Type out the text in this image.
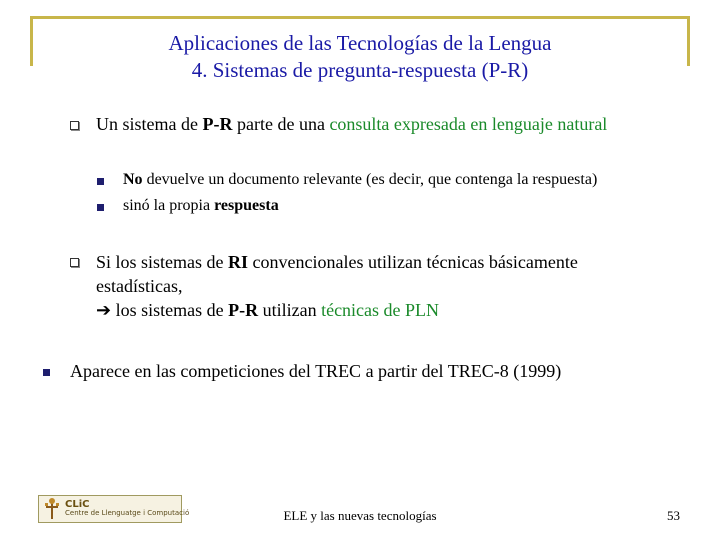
Aplicaciones de las Tecnologías de la Lengua
4. Sistemas de pregunta-respuesta (P-R)
Un sistema de P-R parte de una consulta expresada en lenguaje natural
No devuelve un documento relevante (es decir, que contenga la respuesta)
sinó la propia respuesta
Si los sistemas de RI convencionales utilizan técnicas básicamente
estadísticas,
➔ los sistemas de P-R utilizan técnicas de PLN
Aparece en las competiciones del TREC a partir del TREC-8 (1999)
CLiC
Centre de Llenguatge i Computació	ELE y las nuevas tecnologías	53
